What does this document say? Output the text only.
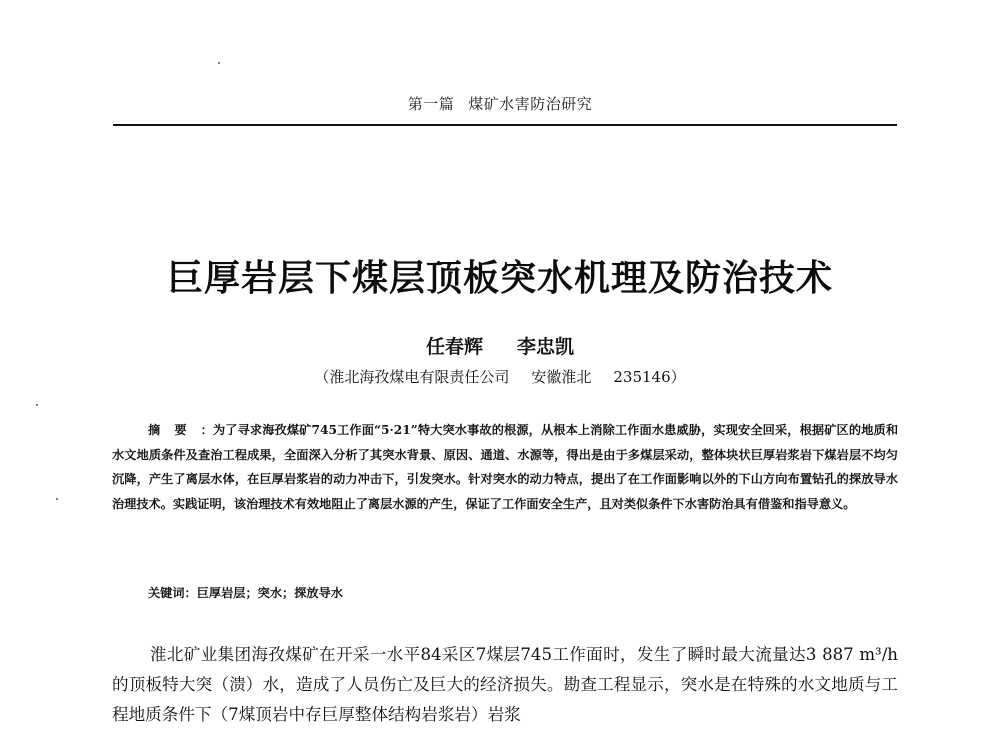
第一篇 煤矿水害防治研究
巨厚岩层下煤层顶板突水机理及防治技术
任春辉 李忠凯
（淮北海孜煤电有限责任公司 安徽淮北 235146）
摘要：为了寻求海孜煤矿745工作面“5·21”特大突水事故的根源，从根本上消除工作面水患威胁，实现安全回采，根据矿区的地质和水文地质条件及查治工程成果，全面深入分析了其突水背景、原因、通道、水源等，得出是由于多煤层采动，整体块状巨厚岩浆岩下煤岩层不均匀沉降，产生了离层水体，在巨厚岩浆岩的动力冲击下，引发突水。针对突水的动力特点，提出了在工作面影响以外的下山方向布置钻孔的探放导水治理技术。实践证明，该治理技术有效地阻止了离层水源的产生，保证了工作面安全生产，且对类似条件下水害防治具有借鉴和指导意义。
关键词：巨厚岩层；突水；探放导水
淮北矿业集团海孜煤矿在开采一水平84采区7煤层745工作面时，发生了瞬时最大流量达3 887 m³/h的顶板特大突（溃）水，造成了人员伤亡及巨大的经济损失。勘查工程显示，突水是在特殊的水文地质与工程地质条件下（7煤顶岩中存巨厚整体结构岩浆岩）岩浆
